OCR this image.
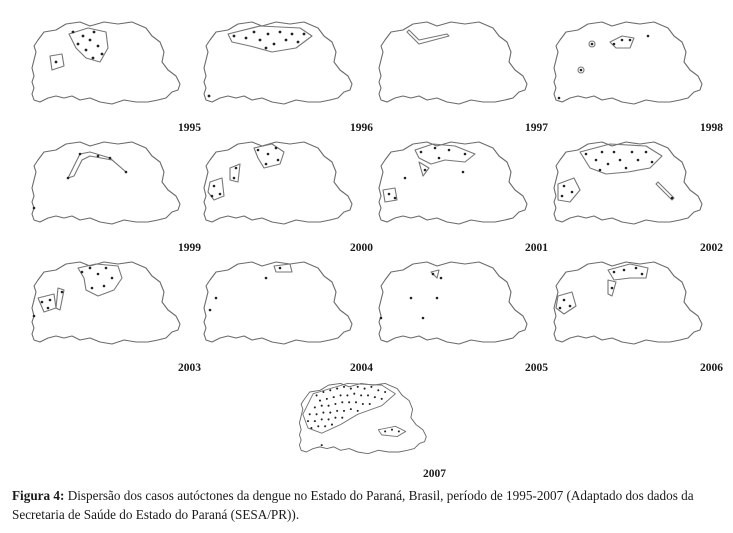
1995	1996	1997	1998
1999	2000	2001	2002
2003	2004	2005	2006
2007
Figura 4: Dispersão dos casos autóctones da dengue no Estado do Paraná, Brasil, período de 1995-2007 (Adaptado dos dados da Secretaria de Saúde do Estado do Paraná (SESA/PR)).
